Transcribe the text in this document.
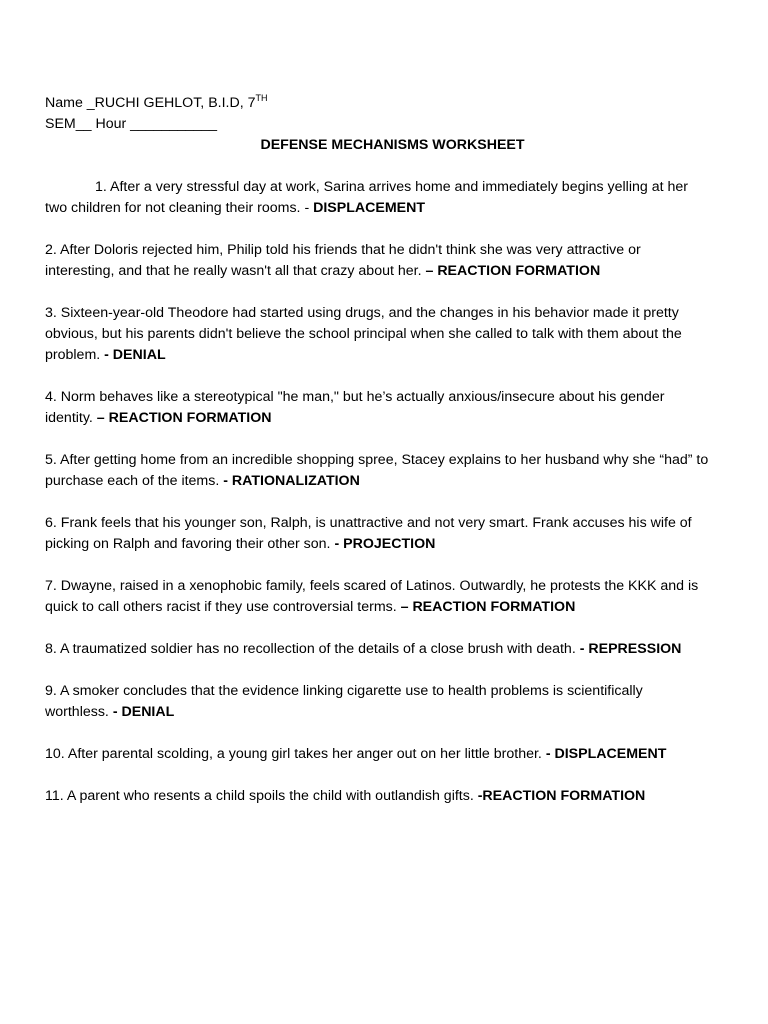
Name _RUCHI GEHLOT, B.I.D, 7TH
SEM__ Hour ___________
DEFENSE MECHANISMS WORKSHEET
1. After a very stressful day at work, Sarina arrives home and immediately begins yelling at her two children for not cleaning their rooms. - DISPLACEMENT
2. After Doloris rejected him, Philip told his friends that he didn't think she was very attractive or interesting, and that he really wasn't all that crazy about her. – REACTION FORMATION
3. Sixteen-year-old Theodore had started using drugs, and the changes in his behavior made it pretty obvious, but his parents didn't believe the school principal when she called to talk with them about the problem. - DENIAL
4. Norm behaves like a stereotypical "he man," but he’s actually anxious/insecure about his gender identity. – REACTION FORMATION
5. After getting home from an incredible shopping spree, Stacey explains to her husband why she “had” to purchase each of the items. - RATIONALIZATION
6. Frank feels that his younger son, Ralph, is unattractive and not very smart. Frank accuses his wife of picking on Ralph and favoring their other son. - PROJECTION
7. Dwayne, raised in a xenophobic family, feels scared of Latinos. Outwardly, he protests the KKK and is quick to call others racist if they use controversial terms. – REACTION FORMATION
8. A traumatized soldier has no recollection of the details of a close brush with death. - REPRESSION
9. A smoker concludes that the evidence linking cigarette use to health problems is scientifically worthless. - DENIAL
10. After parental scolding, a young girl takes her anger out on her little brother. - DISPLACEMENT
11. A parent who resents a child spoils the child with outlandish gifts. -REACTION FORMATION
